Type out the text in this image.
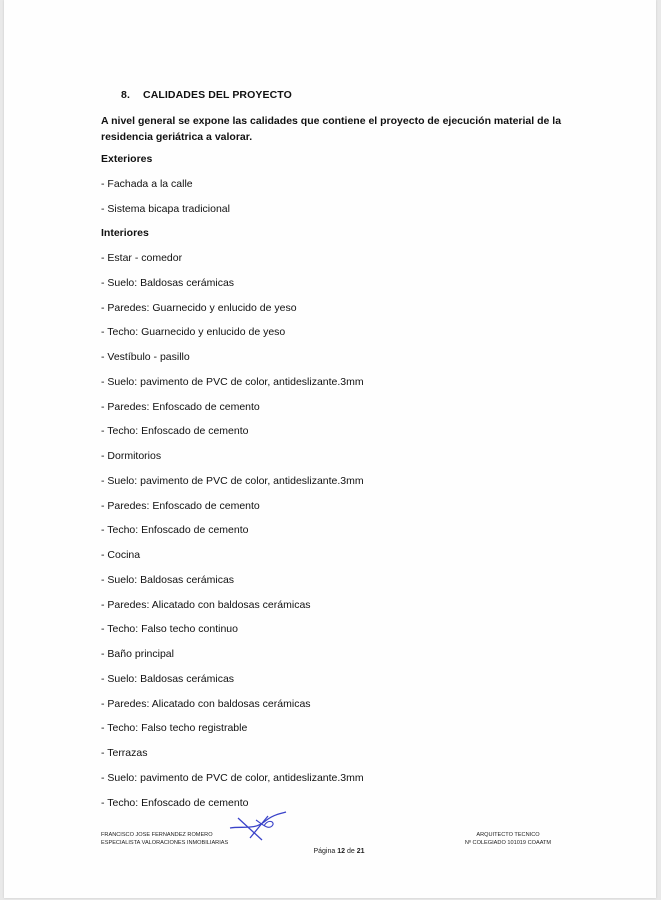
8. CALIDADES DEL PROYECTO
A nivel general se expone las calidades que contiene el proyecto de ejecución material de la residencia geriátrica a valorar.
Exteriores
- Fachada a la calle
- Sistema bicapa tradicional
Interiores
- Estar - comedor
- Suelo: Baldosas cerámicas
- Paredes: Guarnecido y enlucido de yeso
- Techo: Guarnecido y enlucido de yeso
- Vestíbulo - pasillo
- Suelo: pavimento de PVC de color, antideslizante.3mm
- Paredes: Enfoscado de cemento
- Techo: Enfoscado de cemento
- Dormitorios
- Suelo: pavimento de PVC de color, antideslizante.3mm
- Paredes: Enfoscado de cemento
- Techo: Enfoscado de cemento
- Cocina
- Suelo: Baldosas cerámicas
- Paredes: Alicatado con baldosas cerámicas
- Techo: Falso techo continuo
- Baño principal
- Suelo: Baldosas cerámicas
- Paredes: Alicatado con baldosas cerámicas
- Techo: Falso techo registrable
- Terrazas
- Suelo: pavimento de PVC de color, antideslizante.3mm
- Techo: Enfoscado de cemento
FRANCISCO JOSE FERNANDEZ ROMERO
ESPECIALISTA VALORACIONES INMOBILIARIAS
ARQUITECTO TECNICO
Nº COLEGIADO 101019 COAATM
Página 12 de 21
